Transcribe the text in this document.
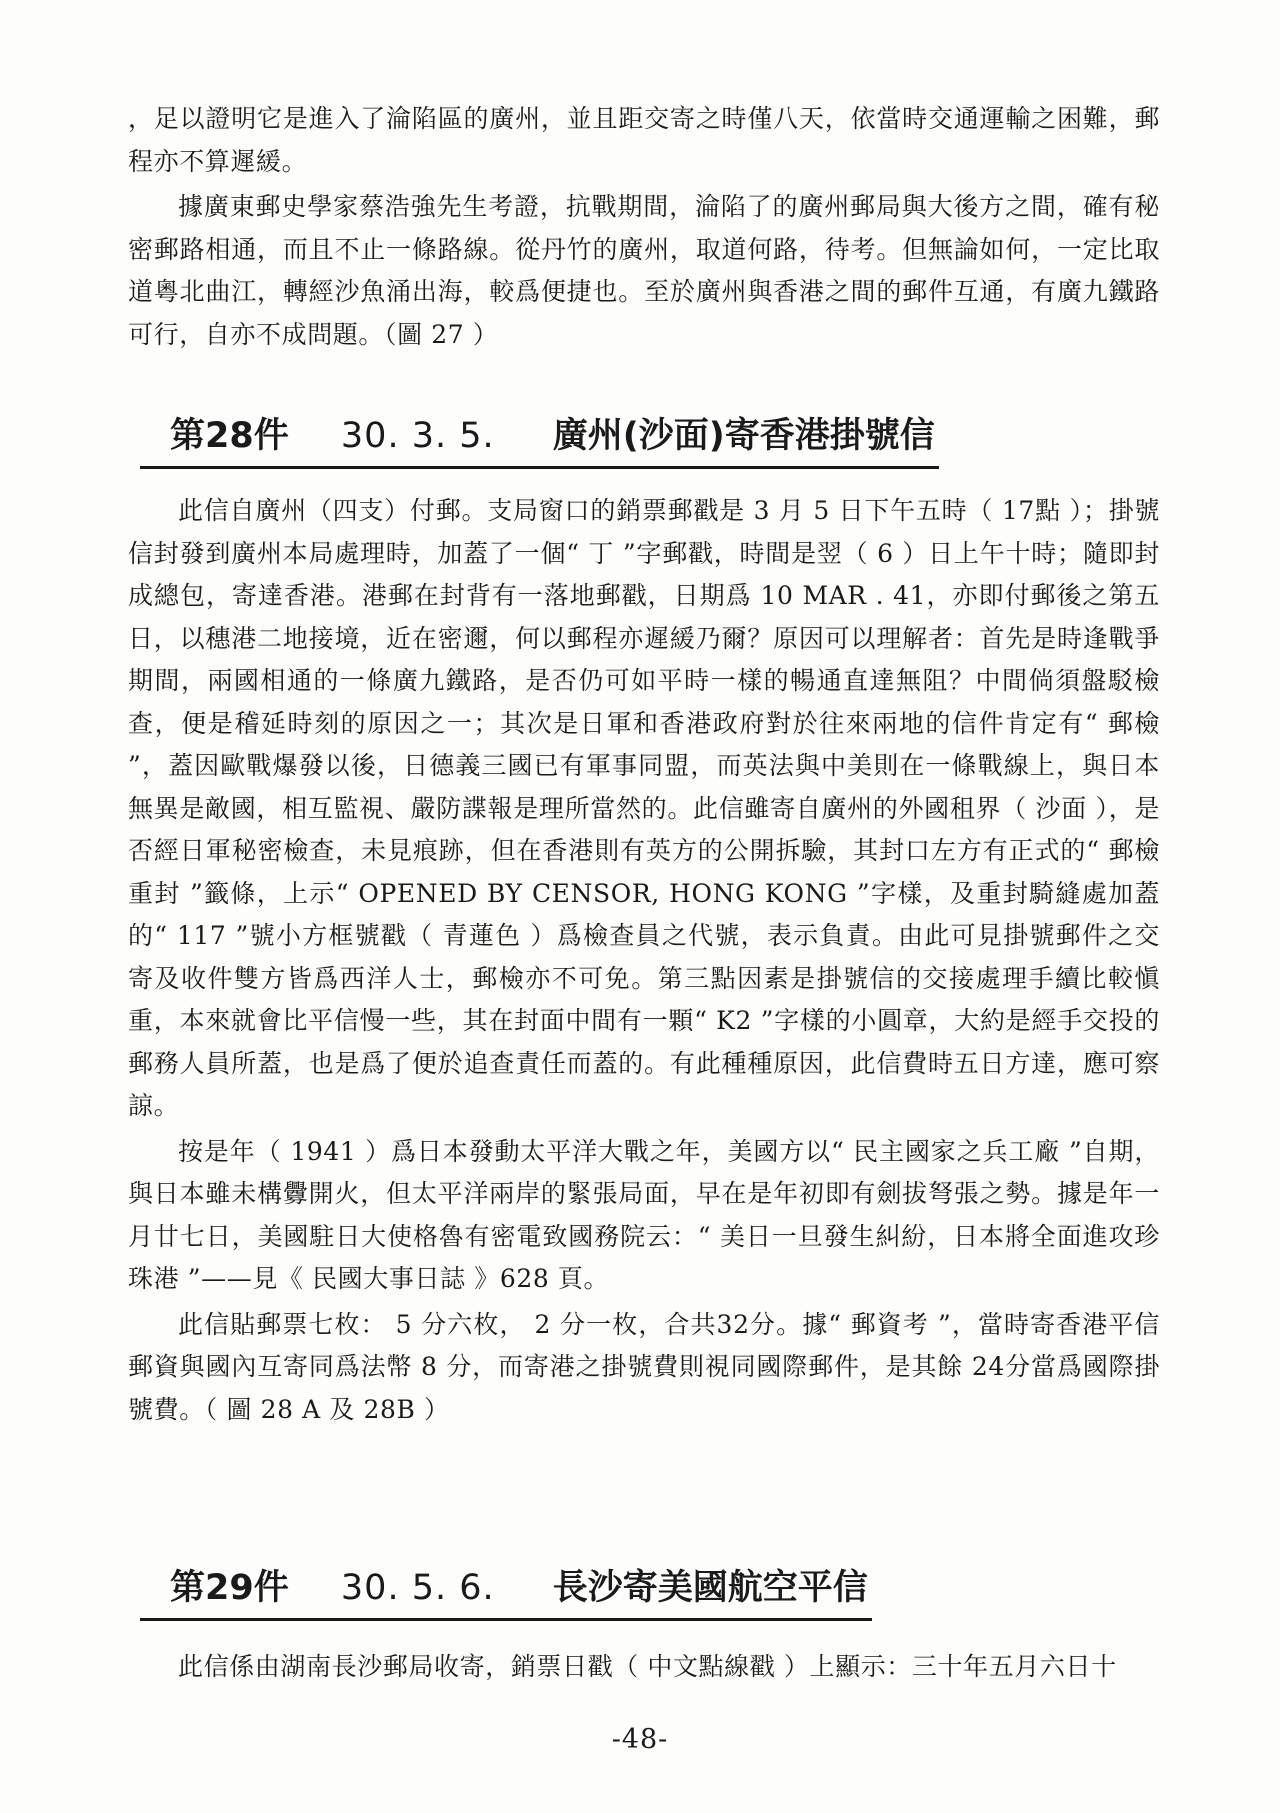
，足以證明它是進入了淪陷區的廣州，並且距交寄之時僅八天，依當時交通運輸之困難，郵程亦不算遲緩。

據廣東郵史學家蔡浩強先生考證，抗戰期間，淪陷了的廣州郵局與大後方之間，確有秘密郵路相通，而且不止一條路線。從丹竹的廣州，取道何路，待考。但無論如何，一定比取道粵北曲江，轉經沙魚涌出海，較爲便捷也。至於廣州與香港之間的郵件互通，有廣九鐵路可行，自亦不成問題。（圖 27 ）

第28件 30. 3. 5. 廣州(沙面)寄香港掛號信

此信自廣州（四支）付郵。支局窗口的銷票郵戳是 3 月 5 日下午五時（ 17點 ）；掛號信封發到廣州本局處理時，加蓋了一個“ 丁 ”字郵戳，時間是翌（ 6 ）日上午十時；隨即封成總包，寄達香港。港郵在封背有一落地郵戳，日期爲 10 MAR . 41，亦即付郵後之第五日，以穗港二地接境，近在密邇，何以郵程亦遲緩乃爾？原因可以理解者：首先是時逢戰爭期間，兩國相通的一條廣九鐵路，是否仍可如平時一樣的暢通直達無阻？中間倘須盤駁檢查，便是稽延時刻的原因之一；其次是日軍和香港政府對於往來兩地的信件肯定有“ 郵檢 ”，蓋因歐戰爆發以後，日德義三國已有軍事同盟，而英法與中美則在一條戰線上，與日本無異是敵國，相互監視、嚴防諜報是理所當然的。此信雖寄自廣州的外國租界（ 沙面 ），是否經日軍秘密檢查，未見痕跡，但在香港則有英方的公開拆驗，其封口左方有正式的“ 郵檢重封 ”籤條，上示“ OPENED BY CENSOR, HONG KONG ”字樣，及重封騎縫處加蓋的“ 117 ”號小方框號戳（ 青蓮色 ）爲檢查員之代號，表示負責。由此可見掛號郵件之交寄及收件雙方皆爲西洋人士，郵檢亦不可免。第三點因素是掛號信的交接處理手續比較愼重，本來就會比平信慢一些，其在封面中間有一顆“ K2 ”字樣的小圓章，大約是經手交投的郵務人員所蓋，也是爲了便於追查責任而蓋的。有此種種原因，此信費時五日方達，應可察諒。

按是年（ 1941 ）爲日本發動太平洋大戰之年，美國方以“ 民主國家之兵工廠 ”自期，與日本雖未構釁開火，但太平洋兩岸的緊張局面，早在是年初即有劍拔弩張之勢。據是年一月廿七日，美國駐日大使格魯有密電致國務院云：“ 美日一旦發生糾紛，日本將全面進攻珍珠港 ”——見《 民國大事日誌 》628 頁。

此信貼郵票七枚： 5 分六枚， 2 分一枚，合共32分。據“ 郵資考 ”，當時寄香港平信郵資與國內互寄同爲法幣 8 分，而寄港之掛號費則視同國際郵件，是其餘 24分當爲國際掛號費。（ 圖 28 A 及 28B ）

第29件 30. 5. 6. 長沙寄美國航空平信

此信係由湖南長沙郵局收寄，銷票日戳（ 中文點線戳 ）上顯示：三十年五月六日十

-48-
